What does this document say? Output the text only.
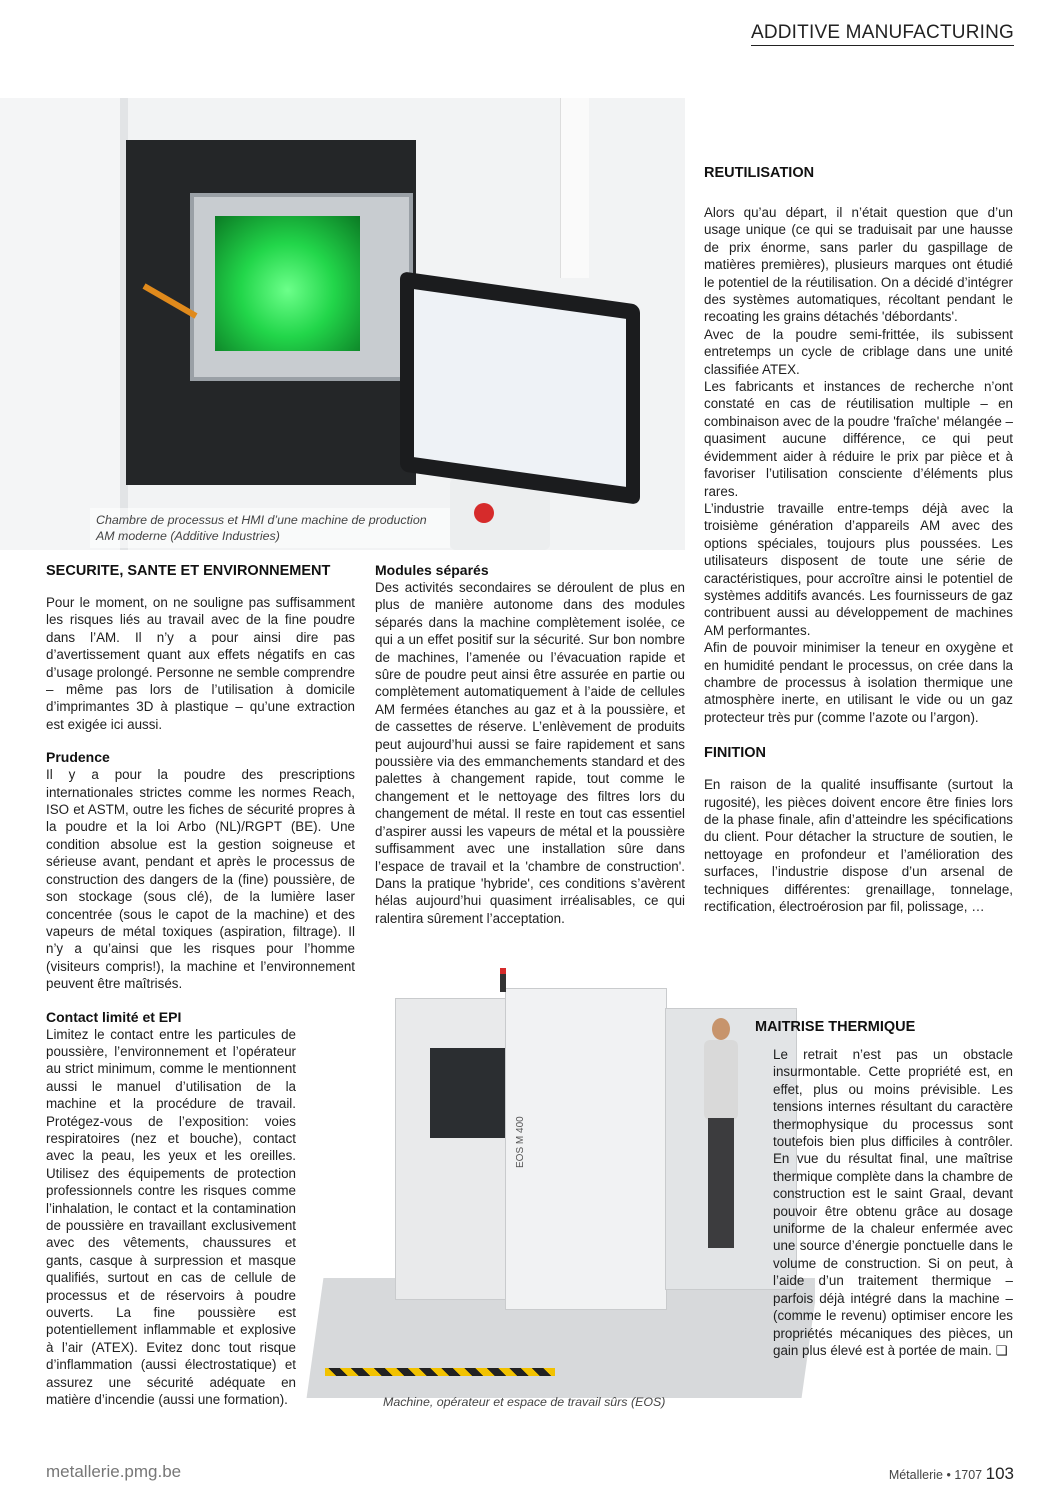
ADDITIVE MANUFACTURING
Chambre de processus et HMI d’une machine de production AM moderne (Additive Industries)
SECURITE, SANTE ET ENVIRONNEMENT

Pour le moment, on ne souligne pas suffisamment les risques liés au travail avec de la fine poudre dans l’AM. Il n’y a pour ainsi dire pas d’avertissement quant aux effets négatifs en cas d’usage prolongé. Personne ne semble comprendre – même pas lors de l’utilisation à domicile d’imprimantes 3D à plastique – qu’une extraction est exigée ici aussi.

Prudence

Il y a pour la poudre des prescriptions internationales strictes comme les normes Reach, ISO et ASTM, outre les fiches de sécurité propres à la poudre et la loi Arbo (NL)/RGPT (BE). Une condition absolue est la gestion soigneuse et sérieuse avant, pendant et après le processus de construction des dangers de la (fine) poussière, de son stockage (sous clé), de la lumière laser concentrée (sous le capot de la machine) et des vapeurs de métal toxiques (aspiration, filtrage). Il n’y a qu’ainsi que les risques pour l’homme (visiteurs compris!), la machine et l’environnement peuvent être maîtrisés.

Contact limité et EPI

Limitez le contact entre les particules de poussière, l’environnement et l’opérateur au strict minimum, comme le mentionnent aussi le manuel d’utilisation de la machine et la procédure de travail. Protégez-vous de l’exposition: voies respiratoires (nez et bouche), contact avec la peau, les yeux et les oreilles. Utilisez des équipements de protection professionnels contre les risques comme l’inhalation, le contact et la contamination de poussière en travaillant exclusivement avec des vêtements, chaussures et gants, casque à surpression et masque qualifiés, surtout en cas de cellule de processus et de réservoirs à poudre ouverts. La fine poussière est potentiellement inflammable et explosive à l’air (ATEX). Evitez donc tout risque d’inflammation (aussi électrostatique) et assurez une sécurité adéquate en matière d’incendie (aussi une formation).

Modules séparés

Des activités secondaires se déroulent de plus en plus de manière autonome dans des modules séparés dans la machine complètement isolée, ce qui a un effet positif sur la sécurité. Sur bon nombre de machines, l’amenée ou l’évacuation rapide et sûre de poudre peut ainsi être assurée en partie ou complètement automatiquement à l’aide de cellules AM fermées étanches au gaz et à la poussière, et de cassettes de réserve. L’enlèvement de produits peut aujourd’hui aussi se faire rapidement et sans poussière via des emmanchements standard et des palettes à changement rapide, tout comme le changement et le nettoyage des filtres lors du changement de métal. Il reste en tout cas essentiel d’aspirer aussi les vapeurs de métal et la poussière suffisamment avec une installation sûre dans l’espace de travail et la 'chambre de construction'. Dans la pratique 'hybride', ces conditions s’avèrent hélas aujourd’hui quasiment irréalisables, ce qui ralentira sûrement l’acceptation.

EOS M 400
Machine, opérateur et espace de travail sûrs (EOS)
REUTILISATION

Alors qu’au départ, il n’était question que d’un usage unique (ce qui se traduisait par une hausse de prix énorme, sans parler du gaspillage de matières premières), plusieurs marques ont étudié le potentiel de la réutilisation. On a décidé d’intégrer des systèmes automatiques, récoltant pendant le recoating les grains détachés 'débordants'.

Avec de la poudre semi-frittée, ils subissent entretemps un cycle de criblage dans une unité classifiée ATEX.

Les fabricants et instances de recherche n’ont constaté en cas de réutilisation multiple – en combinaison avec de la poudre 'fraîche' mélangée – quasiment aucune différence, ce qui peut évidemment aider à réduire le prix par pièce et à favoriser l’utilisation consciente d’éléments plus rares.

L’industrie travaille entre-temps déjà avec la troisième génération d’appareils AM avec des options spéciales, toujours plus poussées. Les utilisateurs disposent de toute une série de caractéristiques, pour accroître ainsi le potentiel de systèmes additifs avancés. Les fournisseurs de gaz contribuent aussi au développement de machines AM performantes.

Afin de pouvoir minimiser la teneur en oxygène et en humidité pendant le processus, on crée dans la chambre de processus à isolation thermique une atmosphère inerte, en utilisant le vide ou un gaz protecteur très pur (comme l’azote ou l’argon).

FINITION

En raison de la qualité insuffisante (surtout la rugosité), les pièces doivent encore être finies lors de la phase finale, afin d’atteindre les spécifications du client. Pour détacher la structure de soutien, le nettoyage en profondeur et l’amélioration des surfaces, l’industrie dispose d’un arsenal de techniques différentes: grenaillage, tonnelage, rectification, électroérosion par fil, polissage, …

MAITRISE THERMIQUE

Le retrait n’est pas un obstacle insurmontable. Cette propriété est, en effet, plus ou moins prévisible. Les tensions internes résultant du caractère thermophysique du processus sont toutefois bien plus difficiles à contrôler. En vue du résultat final, une maîtrise thermique complète dans la chambre de construction est le saint Graal, devant pouvoir être obtenu grâce au dosage uniforme de la chaleur enfermée avec une source d’énergie ponctuelle dans le volume de construction. Si on peut, à l’aide d’un traitement thermique – parfois déjà intégré dans la machine – (comme le revenu) optimiser encore les propriétés mécaniques des pièces, un gain plus élevé est à portée de main. ❏

metallerie.pmg.be	Métallerie • 1707 103
